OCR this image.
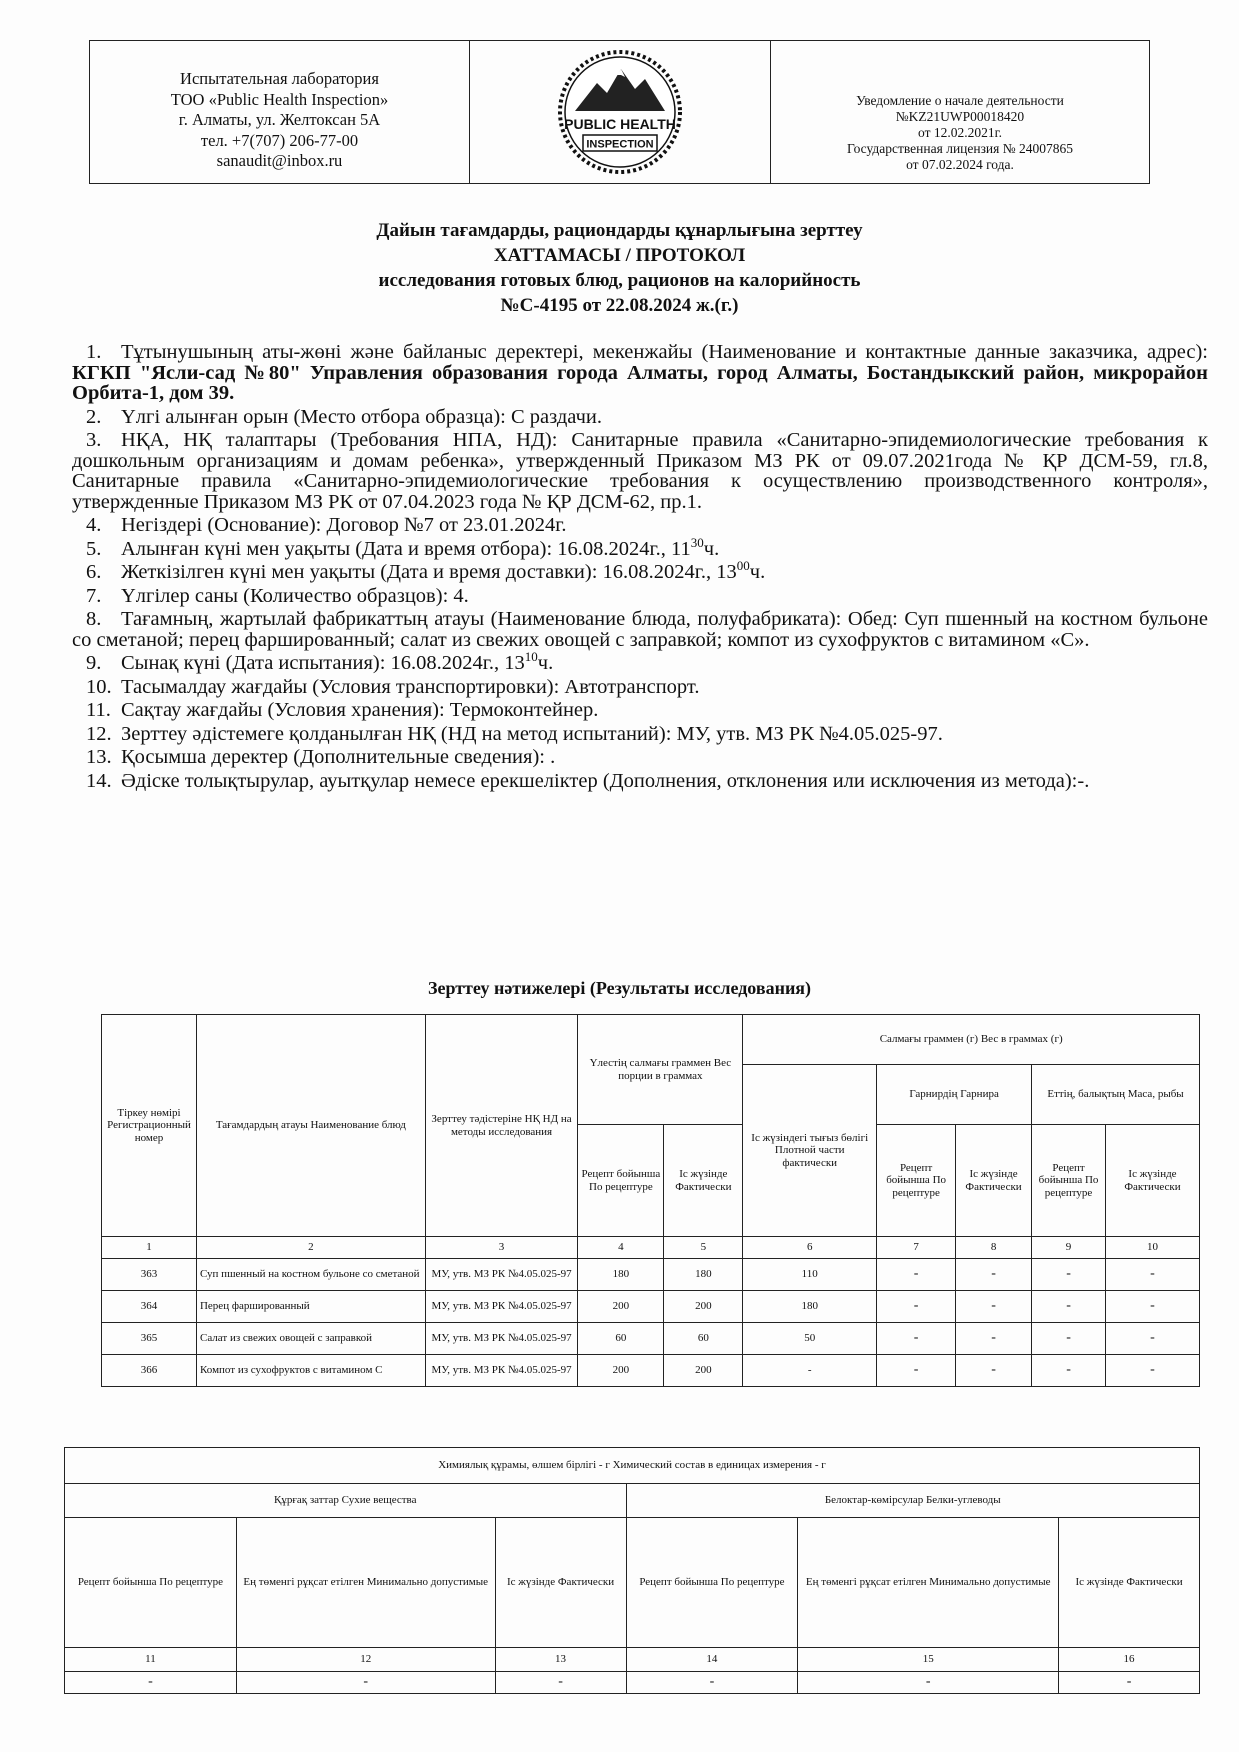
Испытательная лаборатория
ТОО «Public Health Inspection»
г. Алматы, ул. Желтоксан 5А
тел. +7(707) 206-77-00
sanaudit@inbox.ru
PUBLIC HEALTH
INSPECTION
Уведомление о начале деятельности
№KZ21UWP00018420
от 12.02.2021г.
Государственная лицензия № 24007865
от 07.02.2024 года.
Дайын тағамдарды, рациондарды құнарлығына зерттеу
ХАТТАМАСЫ / ПРОТОКОЛ
исследования готовых блюд, рационов на калорийность
№С-4195 от 22.08.2024 ж.(г.)
1. Тұтынушының аты-жөні және байланыс деректері, мекенжайы (Наименование и контактные данные заказчика, адрес): КГКП "Ясли-сад №80" Управления образования города Алматы, город Алматы, Бостандыкский район, микрорайон Орбита-1, дом 39.
2. Үлгі алынған орын (Место отбора образца): С раздачи.
3. НҚА, НҚ талаптары (Требования НПА, НД): Санитарные правила «Санитарно-эпидемиологические требования к дошкольным организациям и домам ребенка», утвержденный Приказом МЗ РК от 09.07.2021года № ҚР ДСМ-59, гл.8, Санитарные правила «Санитарно-эпидемиологические требования к осуществлению производственного контроля», утвержденные Приказом МЗ РК от 07.04.2023 года № ҚР ДСМ-62, пр.1.
4. Негіздері (Основание): Договор №7 от 23.01.2024г.
5. Алынған күні мен уақыты (Дата и время отбора): 16.08.2024г., $11^{30}ч$.
6. Жеткізілген күні мен уақыты (Дата и время доставки): 16.08.2024г., $13^{00}ч$.
7. Үлгілер саны (Количество образцов): 4.
8. Тағамның, жартылай фабрикаттың атауы (Наименование блюда, полуфабриката): Обед: Суп пшенный на костном бульоне со сметаной; перец фаршированный; салат из свежих овощей с заправкой; компот из сухофруктов с витамином «С».
9. Сынақ күні (Дата испытания): 16.08.2024г., $13^{10}ч$.
10. Тасымалдау жағдайы (Условия транспортировки): Автотранспорт.
11. Сақтау жағдайы (Условия хранения): Термоконтейнер.
12. Зерттеу әдістемеге қолданылған НҚ (НД на метод испытаний): МУ, утв. МЗ РК №4.05.025-97.
13. Қосымша деректер (Дополнительные сведения): .
14. Әдіске толықтырулар, ауытқулар немесе ерекшеліктер (Дополнения, отклонения или исключения из метода):-.
Зерттеу нәтижелері (Результаты исследования)
Тіркеу нөмірі Регистрационный номер	Тағамдардың атауы Наименование блюд	Зерттеу тәдістеріне НҚ НД на методы исследования	Үлестің салмағы граммен Вес порции в граммах		Салмағы граммен (г) Вес в граммах (г)				
					Іс жүзіндегі тығыз бөлігі Плотной части фактически	Гарнирдің Гарнира		Еттің, балықтың Маса, рыбы	
			Рецепт бойынша По рецептуре	Іс жүзінде Фактически		Рецепт бойынша По рецептуре	Іс жүзінде Фактически	Рецепт бойынша По рецептуре	Іс жүзінде Фактически

1	2	3	4	5	6	7	8	9	10
363	Суп пшенный на костном бульоне со сметаной	МУ, утв. МЗ РК №4.05.025-97	180	180	110	-	-	-	-
364	Перец фаршированный	МУ, утв. МЗ РК №4.05.025-97	200	200	180	-	-	-	-
365	Салат из свежих овощей с заправкой	МУ, утв. МЗ РК №4.05.025-97	60	60	50	-	-	-	-
366	Компот из сухофруктов с витамином С	МУ, утв. МЗ РК №4.05.025-97	200	200	-	-	-	-	-
Химиялық құрамы, өлшем бірлігі - г Химический состав в единицах измерения - г					
Құрғақ заттар Сухие вещества			Белоктар-көмірсулар Белки-углеводы		
Рецепт бойынша По рецептуре	Ең төменгі рұқсат етілген Минимально допустимые	Іс жүзінде Фактически	Рецепт бойынша По рецептуре	Ең төменгі рұқсат етілген Минимально допустимые	Іс жүзінде Фактически
11	12	13	14	15	16
-	-	-	-	-	-
